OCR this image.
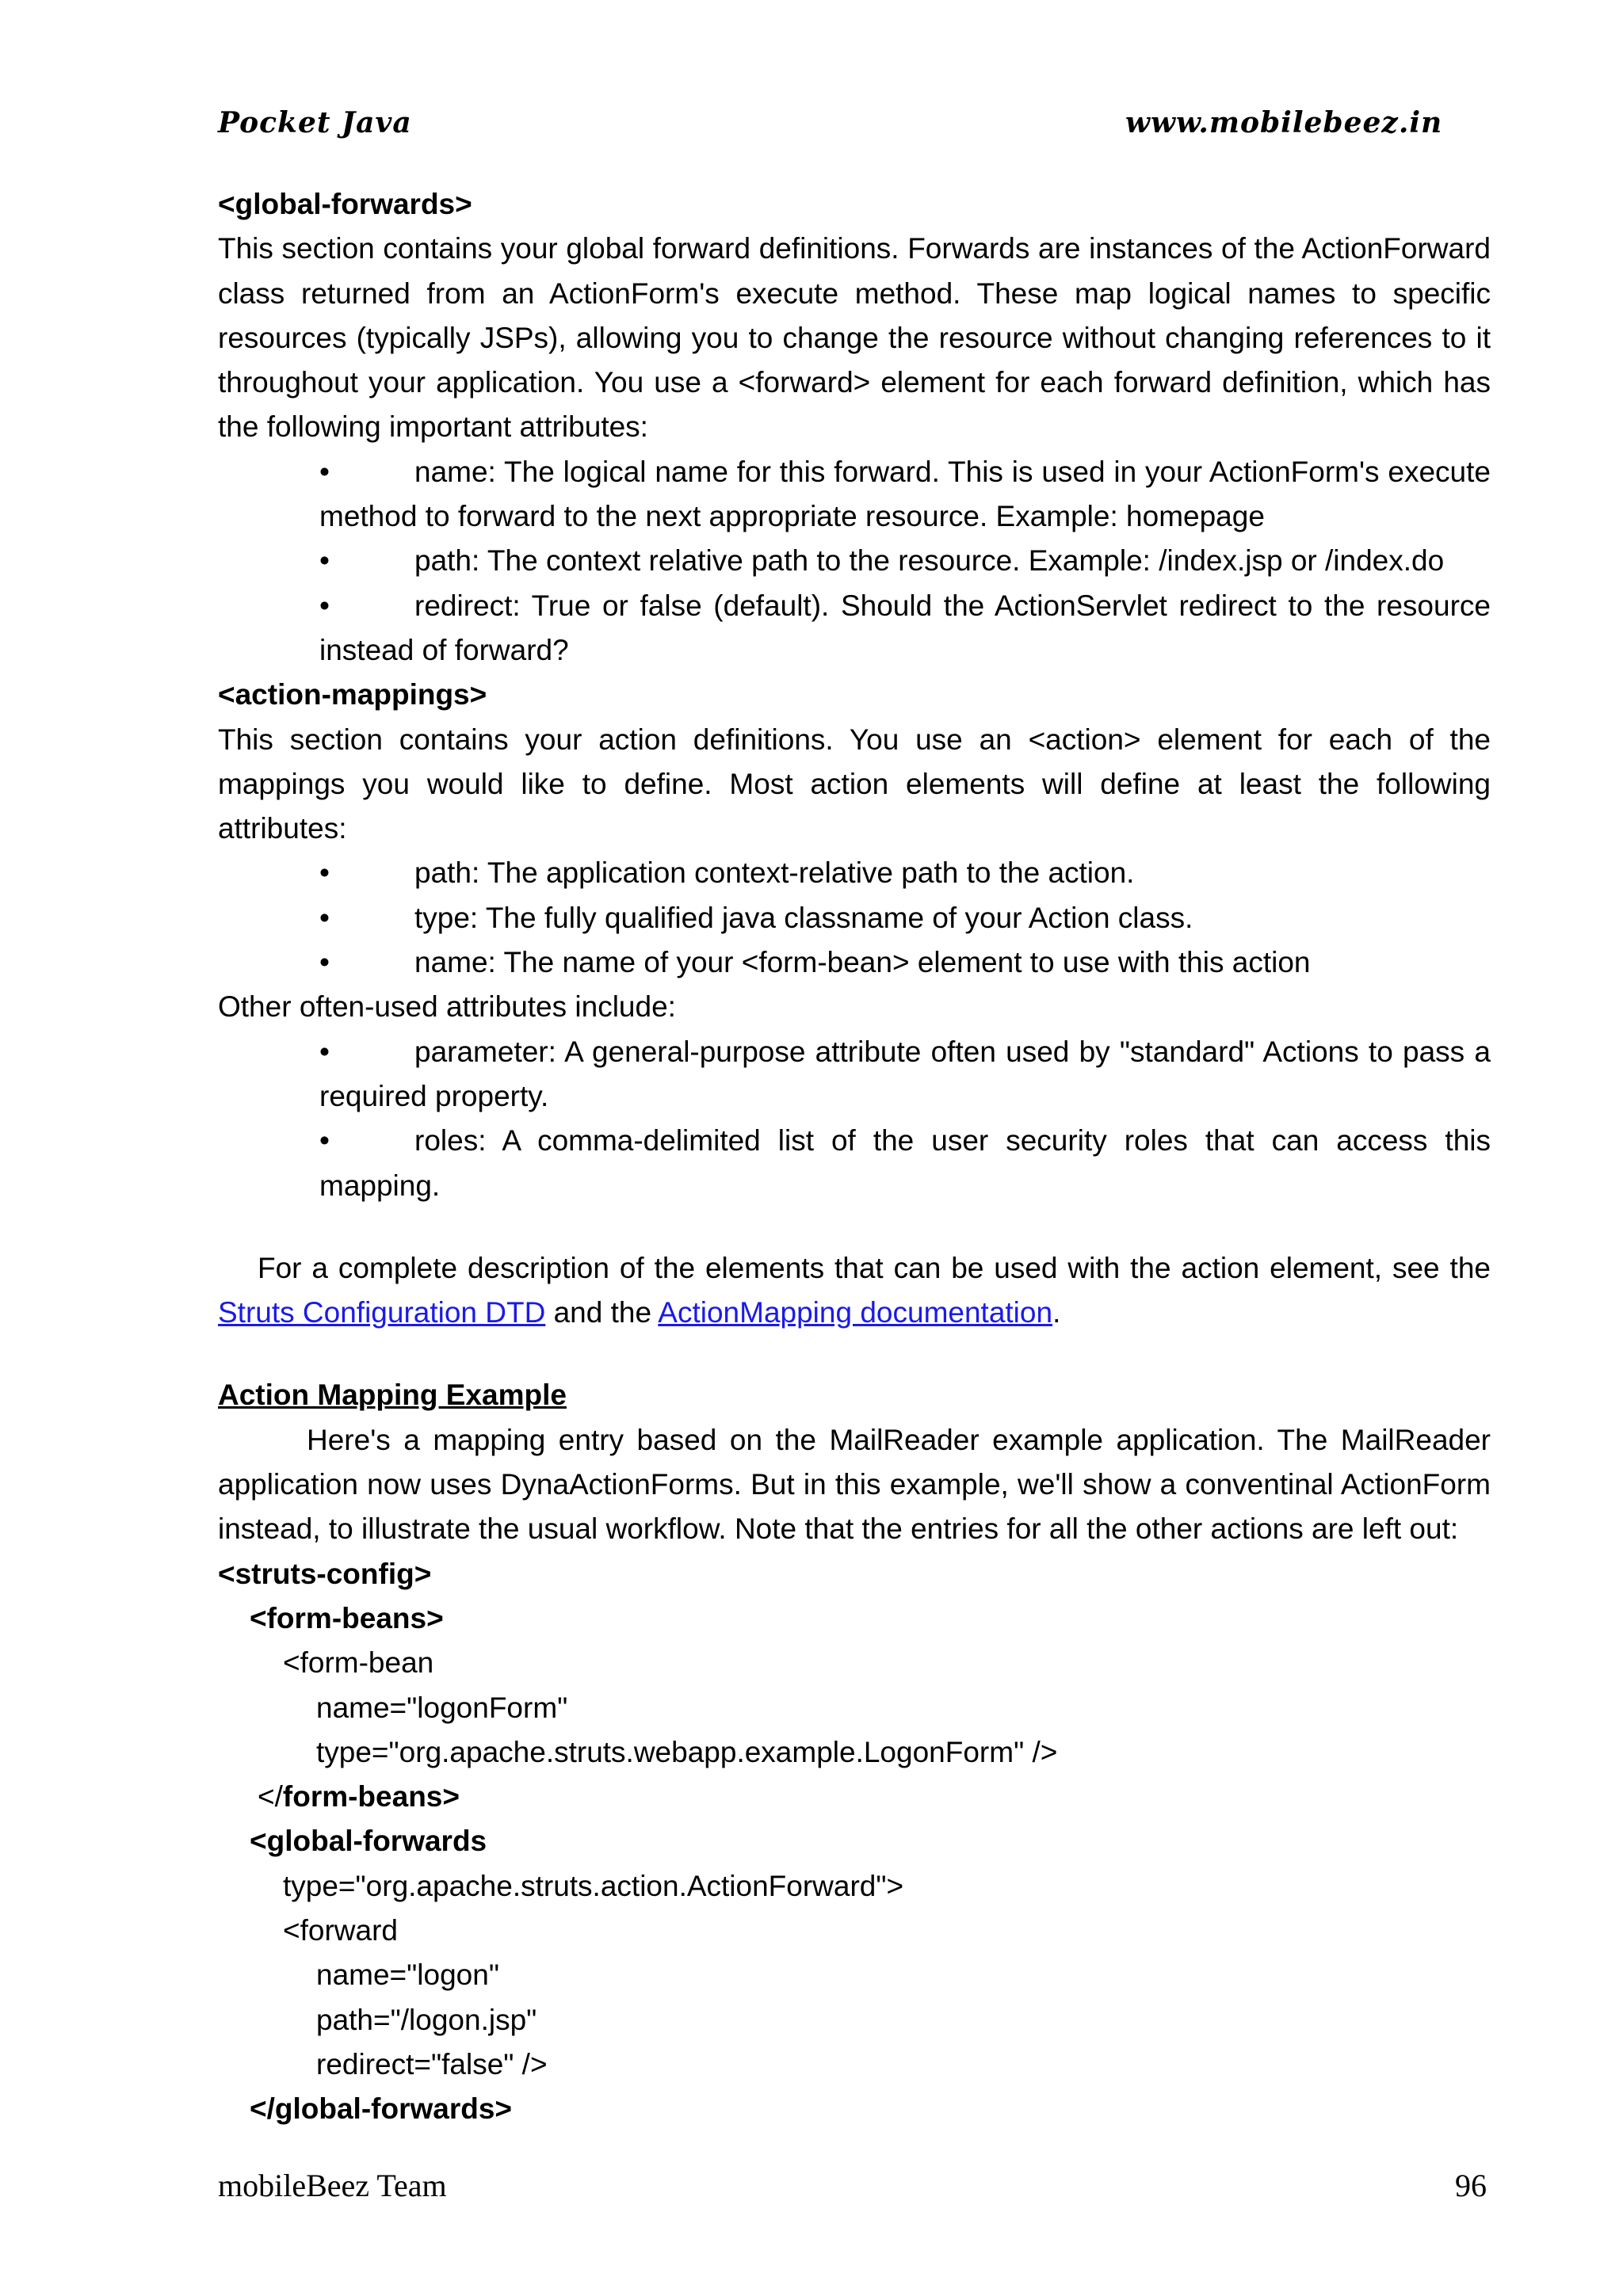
Pocket Java	www.mobilebeez.in

<global-forwards>

This section contains your global forward definitions. Forwards are instances of the ActionForward class returned from an ActionForm's execute method. These map logical names to specific resources (typically JSPs), allowing you to change the resource without changing references to it throughout your application. You use a <forward> element for each forward definition, which has the following important attributes:

•	name: The logical name for this forward. This is used in your ActionForm's execute method to forward to the next appropriate resource. Example: homepage
•	path: The context relative path to the resource. Example: /index.jsp or /index.do
•	redirect: True or false (default). Should the ActionServlet redirect to the resource instead of forward?

<action-mappings>

This section contains your action definitions. You use an <action> element for each of the mappings you would like to define. Most action elements will define at least the following attributes:

•	path: The application context-relative path to the action.
•	type: The fully qualified java classname of your Action class.
•	name: The name of your <form-bean> element to use with this action

Other often-used attributes include:

•	parameter: A general-purpose attribute often used by "standard" Actions to pass a required property.
•	roles: A comma-delimited list of the user security roles that can access this mapping.

For a complete description of the elements that can be used with the action element, see the Struts Configuration DTD and the ActionMapping documentation.

Action Mapping Example

Here's a mapping entry based on the MailReader example application. The MailReader application now uses DynaActionForms. But in this example, we'll show a conventinal ActionForm instead, to illustrate the usual workflow. Note that the entries for all the other actions are left out:

<struts-config>

<form-beans>

<form-bean

name="logonForm"

type="org.apache.struts.webapp.example.LogonForm" />

</form-beans>

<global-forwards

type="org.apache.struts.action.ActionForward">

<forward

name="logon"

path="/logon.jsp"

redirect="false" />

</global-forwards>

mobileBeez Team	96
